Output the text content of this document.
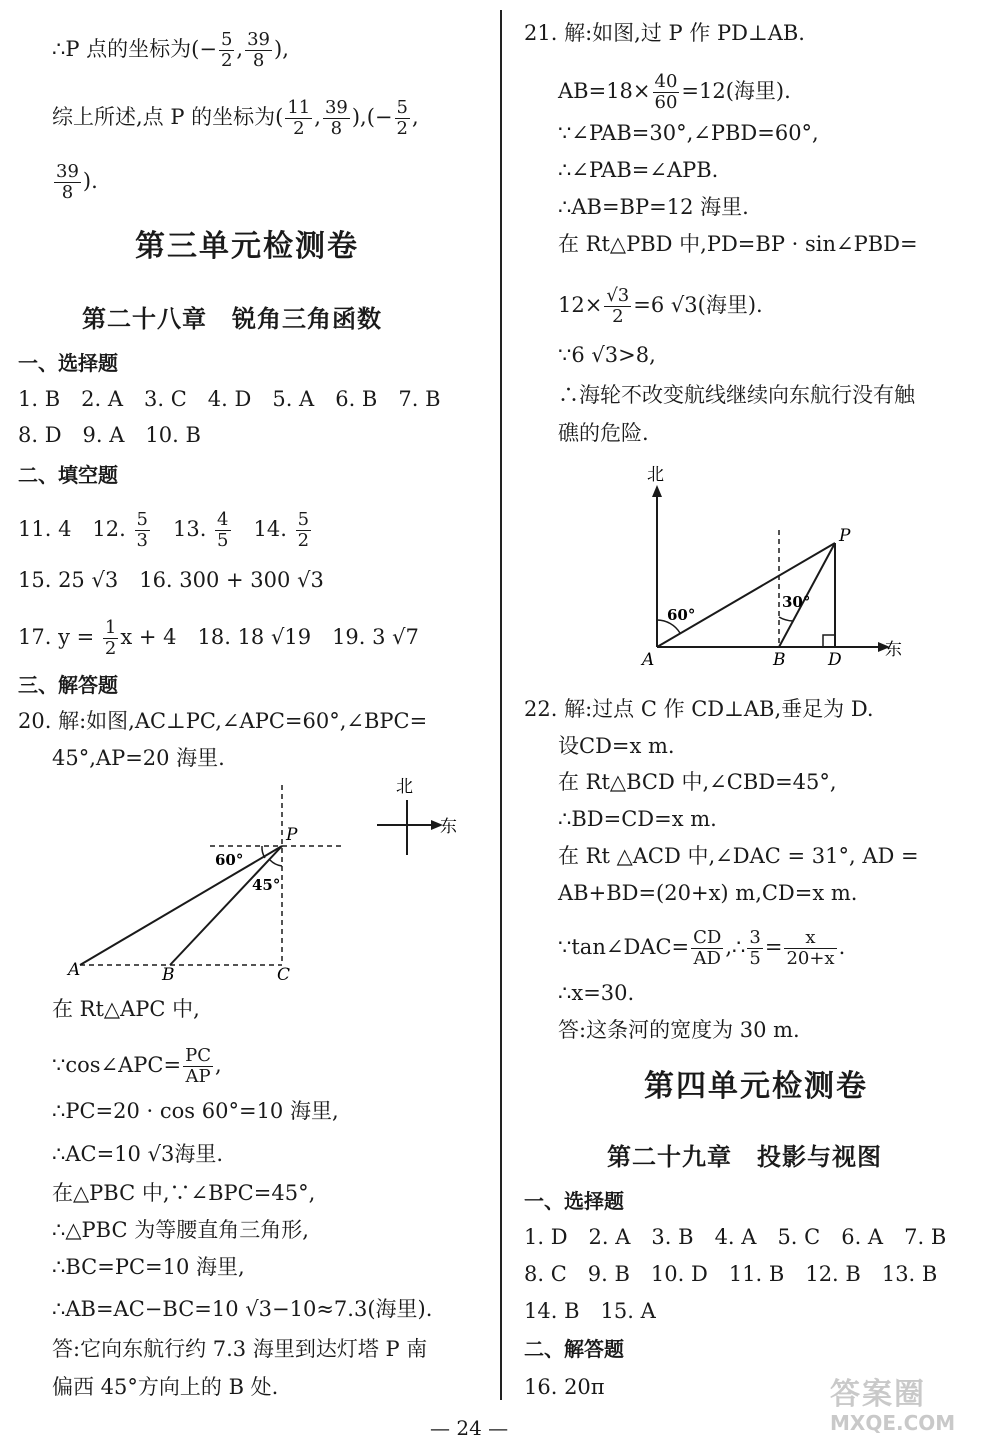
∴P 点的坐标为(− $\frac{5}{2}$ , $\frac{39}{8}$ ),
综上所述,点 P 的坐标为( $\frac{11}{2}$ , $\frac{39}{8}$ ),(− $\frac{5}{2}$ ,
$\frac{39}{8}$ ).
第三单元检测卷
第二十八章　锐角三角函数
一、选择题
1. B　2. A　3. C　4. D　5. A　6. B　7. B
8. D　9. A　10. B
二、填空题
11. 4　12. $\frac{5}{3}$ 　13. $\frac{4}{5}$ 　14. $\frac{5}{2}$
15. 25 √3　16. 300 + 300 √3
17. $y = \frac{1}{2}$ x + 4　18. 18 √19　19. 3 √7
三、解答题
20. 解:如图,AC⊥PC,∠APC=60°,∠BPC=
45°,AP=20 海里.
北
东
P
A	B	C
60°
45°
在 Rt△APC 中,
∵cos∠APC= $\frac{PC}{AP}$ ,
∴PC=20 · cos 60°=10 海里,
∴AC=10 √3海里.
在△PBC 中,∵∠BPC=45°,
∴△PBC 为等腰直角三角形,
∴BC=PC=10 海里,
∴AB=AC−BC=10 √3−10≈7.3(海里).
答:它向东航行约 7.3 海里到达灯塔 P 南
偏西 45°方向上的 B 处.
21. 解:如图,过 P 作 PD⊥AB.
$AB=18\times \frac{40}{60} =12$(海里).
∵∠PAB=30°,∠PBD=60°,
∴∠PAB=∠APB.
∴AB=BP=12 海里.
在 Rt△PBD 中,PD=BP · sin∠PBD=
$12\times \frac{√3}{2} =6$ √3(海里).
∵6 √3>8,
∴海轮不改变航线继续向东航行没有触
礁的危险.
北
东
P
A	B	D
60°
30°
22. 解:过点 C 作 CD⊥AB,垂足为 D.
设CD=x m.
在 Rt△BCD 中,∠CBD=45°,
∴BD=CD=x m.
在 Rt △ACD 中,∠DAC = 31°, AD =
AB+BD=(20+x) m,CD=x m.
∵tan∠DAC= $\frac{CD}{AD}$ ,∴ $\frac{3}{5} = \frac{x}{20+x}$ .
∴x=30.
答:这条河的宽度为 30 m.
第四单元检测卷
第二十九章　投影与视图
一、选择题
1. D　2. A　3. B　4. A　5. C　6. A　7. B
8. C　9. B　10. D　11. B　12. B　13. B
14. B　15. A
二、解答题
16. 20π
— 24 —
答案圈
MXQE.COM
